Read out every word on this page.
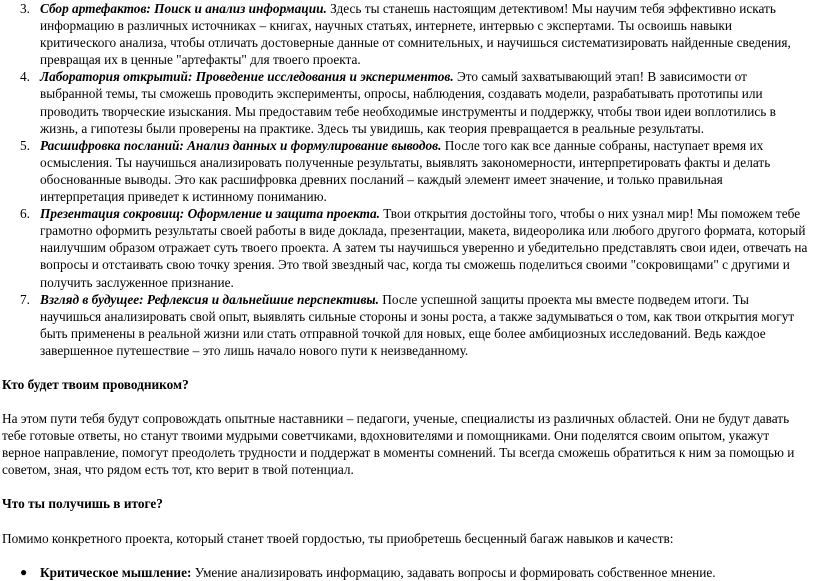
3. Сбор артефактов: Поиск и анализ информации. Здесь ты станешь настоящим детективом! Мы научим тебя эффективно искать информацию в различных источниках – книгах, научных статьях, интернете, интервью с экспертами. Ты освоишь навыки критического анализа, чтобы отличать достоверные данные от сомнительных, и научишься систематизировать найденные сведения, превращая их в ценные "артефакты" для твоего проекта.
4. Лаборатория открытий: Проведение исследования и экспериментов. Это самый захватывающий этап! В зависимости от выбранной темы, ты сможешь проводить эксперименты, опросы, наблюдения, создавать модели, разрабатывать прототипы или проводить творческие изыскания. Мы предоставим тебе необходимые инструменты и поддержку, чтобы твои идеи воплотились в жизнь, а гипотезы были проверены на практике. Здесь ты увидишь, как теория превращается в реальные результаты.
5. Расшифровка посланий: Анализ данных и формулирование выводов. После того как все данные собраны, наступает время их осмысления. Ты научишься анализировать полученные результаты, выявлять закономерности, интерпретировать факты и делать обоснованные выводы. Это как расшифровка древних посланий – каждый элемент имеет значение, и только правильная интерпретация приведет к истинному пониманию.
6. Презентация сокровищ: Оформление и защита проекта. Твои открытия достойны того, чтобы о них узнал мир! Мы поможем тебе грамотно оформить результаты своей работы в виде доклада, презентации, макета, видеоролика или любого другого формата, который наилучшим образом отражает суть твоего проекта. А затем ты научишься уверенно и убедительно представлять свои идеи, отвечать на вопросы и отстаивать свою точку зрения. Это твой звездный час, когда ты сможешь поделиться своими "сокровищами" с другими и получить заслуженное признание.
7. Взгляд в будущее: Рефлексия и дальнейшие перспективы. После успешной защиты проекта мы вместе подведем итоги. Ты научишься анализировать свой опыт, выявлять сильные стороны и зоны роста, а также задумываться о том, как твои открытия могут быть применены в реальной жизни или стать отправной точкой для новых, еще более амбициозных исследований. Ведь каждое завершенное путешествие – это лишь начало нового пути к неизведанному.
Кто будет твоим проводником?

На этом пути тебя будут сопровождать опытные наставники – педагоги, ученые, специалисты из различных областей. Они не будут давать тебе готовые ответы, но станут твоими мудрыми советчиками, вдохновителями и помощниками. Они поделятся своим опытом, укажут верное направление, помогут преодолеть трудности и поддержат в моменты сомнений. Ты всегда сможешь обратиться к ним за помощью и советом, зная, что рядом есть тот, кто верит в твой потенциал.

Что ты получишь в итоге?

Помимо конкретного проекта, который станет твоей гордостью, ты приобретешь бесценный багаж навыков и качеств:

● Критическое мышление: Умение анализировать информацию, задавать вопросы и формировать собственное мнение.
